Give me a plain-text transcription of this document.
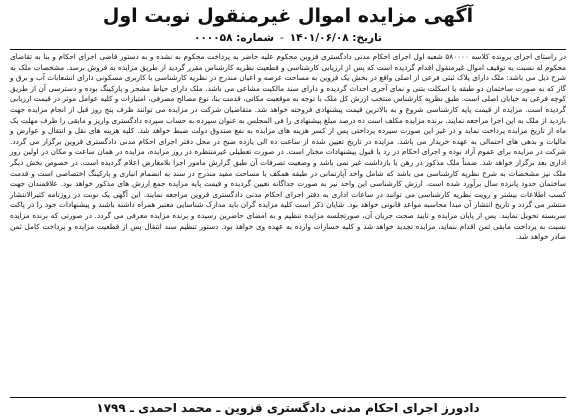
آگهی مزایده اموال غیرمنقول نوبت اول
تاریخ: ۱۴۰۱/۰۶/۰۸
-
شماره: ۰۰۰۰۵۸
در راستای اجرای پرونده کلاسه ۵۸۰۰۰۰ شعبه اول اجرای احکام مدنی دادگستری قزوین محکوم علیه حاضر به پرداخت محکوم به نشده و به دستور قاضی اجرای احکام و بنا به تقاضای محکوم له نسبت به توقیف اموال غیرمنقول اقدام گردیده است که پس از ارزیابی کارشناسی و قطعیت نظریه کارشناس مقرر گردید از طریق مزایده به فروش برسد. مشخصات ملک به شرح ذیل می باشد: ملک دارای پلاک ثبتی فرعی از اصلی واقع در بخش یک قزوین به مساحت عرصه و اعیان مندرج در نظریه کارشناسی با کاربری مسکونی دارای انشعابات آب و برق و گاز که به صورت ساختمان دو طبقه با اسکلت بتنی و نمای آجری احداث گردیده و دارای سند مالکیت مشاعی می باشد. ملک دارای حیاط مشجر و پارکینگ بوده و دسترسی آن از طریق کوچه فرعی به خیابان اصلی است. طبق نظریه کارشناس منتخب ارزش کل ملک با توجه به موقعیت مکانی، قدمت بنا، نوع مصالح مصرفی، امتیازات و کلیه عوامل موثر در قیمت ارزیابی گردیده است. مزایده از قیمت پایه کارشناسی شروع و به بالاترین قیمت پیشنهادی فروخته خواهد شد. متقاضیان شرکت در مزایده می توانند ظرف پنج روز قبل از انجام مزایده جهت بازدید از ملک به این اجرا مراجعه نمایند. برنده مزایده مکلف است ده درصد مبلغ پیشنهادی را فی المجلس به عنوان سپرده به حساب سپرده دادگستری واریز و مابقی را ظرف مهلت یک ماه از تاریخ مزایده پرداخت نماید و در غیر این صورت سپرده پرداختی پس از کسر هزینه های مزایده به نفع صندوق دولت ضبط خواهد شد. کلیه هزینه های نقل و انتقال و عوارض و مالیات و بدهی های احتمالی به عهده خریدار می باشد. مزایده در تاریخ تعیین شده از ساعت ده الی یازده صبح در محل دفتر اجرای احکام مدنی دادگستری قزوین برگزار می گردد. شرکت در مزایده برای عموم آزاد بوده و اجرای احکام در رد یا قبول پیشنهادات مختار است. در صورت تعطیلی غیرمنتظره در روز مزایده، مزایده در همان ساعت و مکان در اولین روز اداری بعد برگزار خواهد شد. ضمناً ملک مذکور در رهن یا بازداشت غیر نمی باشد و وضعیت تصرفات آن طبق گزارش مامور اجرا بلامعارض اعلام گردیده است. در خصوص بخش دیگر ملک نیز مشخصات به شرح نظریه کارشناسی می باشد که شامل واحد آپارتمانی در طبقه همکف با مساحت مفید مندرج در سند به انضمام انباری و پارکینگ اختصاصی است و قدمت ساختمان حدود پانزده سال برآورد شده است. ارزش کارشناسی این واحد نیز به صورت جداگانه تعیین گردیده و قیمت پایه مزایده جمع ارزش های مذکور خواهد بود. علاقمندان جهت کسب اطلاعات بیشتر و رویت نظریه کارشناسی می توانند در ساعات اداری به دفتر اجرای احکام مدنی دادگستری قزوین مراجعه نمایند. این آگهی یک نوبت در روزنامه کثیرالانتشار منتشر می گردد و تاریخ انتشار آن مبدا محاسبه مواعد قانونی خواهد بود. شایان ذکر است کلیه مزایده گران باید مدارک شناسایی معتبر همراه داشته باشند و پیشنهادات خود را در پاکت سربسته تحویل نمایند. پس از پایان مزایده و تایید صحت جریان آن، صورتجلسه مزایده تنظیم و به امضای حاضرین رسیده و برنده مزایده معرفی می گردد. در صورتی که برنده مزایده نسبت به پرداخت مابقی ثمن اقدام ننماید، مزایده تجدید خواهد شد و کلیه خسارات وارده به عهده وی خواهد بود. دستور تنظیم سند انتقال پس از قطعیت مزایده و پرداخت کامل ثمن صادر خواهد شد.
دادورز اجرای احکام مدنی دادگستری قزوین ـ محمد احمدی ـ ۱۷۹۹
